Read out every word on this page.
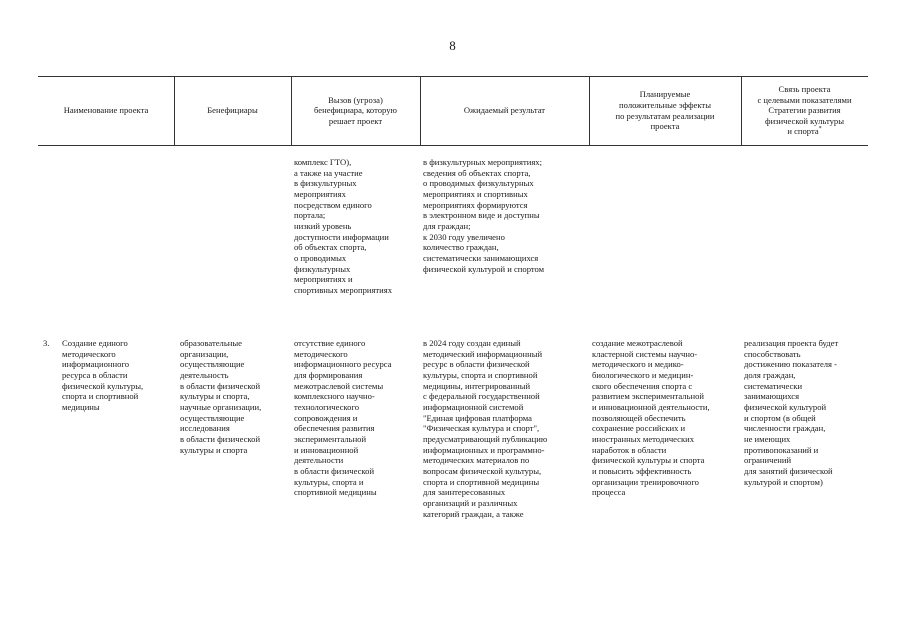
8
Наименование проекта	Бенефициары
Вызов (угроза)
бенефициара, которую
решает проект
Ожидаемый результат
Планируемые
положительные эффекты
по результатам реализации
проекта
Связь проекта
с целевыми показателями
Стратегии развития
физической культуры
и спорта*
комплекс ГТО),
а также на участие
в физкультурных
мероприятиях
посредством единого
портала;
низкий уровень
доступности информации
об объектах спорта,
о проводимых
физкультурных
мероприятиях и
спортивных мероприятиях
в физкультурных мероприятиях;
сведения об объектах спорта,
о проводимых физкультурных
мероприятиях и спортивных
мероприятиях формируются
в электронном виде и доступны
для граждан;
к 2030 году увеличено
количество граждан,
систематически занимающихся
физической культурой и спортом
3.	Создание единого
методического
информационного
ресурса в области
физической культуры,
спорта и спортивной
медицины
образовательные
организации,
осуществляющие
деятельность
в области физической
культуры и спорта,
научные организации,
осуществляющие
исследования
в области физической
культуры и спорта
отсутствие единого
методического
информационного ресурса
для формирования
межотраслевой системы
комплексного научно-
технологического
сопровождения и
обеспечения развития
экспериментальной
и инновационной
деятельности
в области физической
культуры, спорта и
спортивной медицины
в 2024 году создан единый
методический информационный
ресурс в области физической
культуры, спорта и спортивной
медицины, интегрированный
с федеральной государственной
информационной системой
"Единая цифровая платформа
"Физическая культура и спорт",
предусматривающий публикацию
информационных и программно-
методических материалов по
вопросам физической культуры,
спорта и спортивной медицины
для заинтересованных
организаций и различных
категорий граждан, а также
создание межотраслевой
кластерной системы научно-
методического и медико-
биологического и медицин-
ского обеспечения спорта с
развитием экспериментальной
и инновационной деятельности,
позволяющей обеспечить
сохранение российских и
иностранных методических
наработок в области
физической культуры и спорта
и повысить эффективность
организации тренировочного
процесса
реализация проекта будет
способствовать
достижению показателя -
доля граждан,
систематически
занимающихся
физической культурой
и спортом (в общей
численности граждан,
не имеющих
противопоказаний и
ограничений
для занятий физической
культурой и спортом)
